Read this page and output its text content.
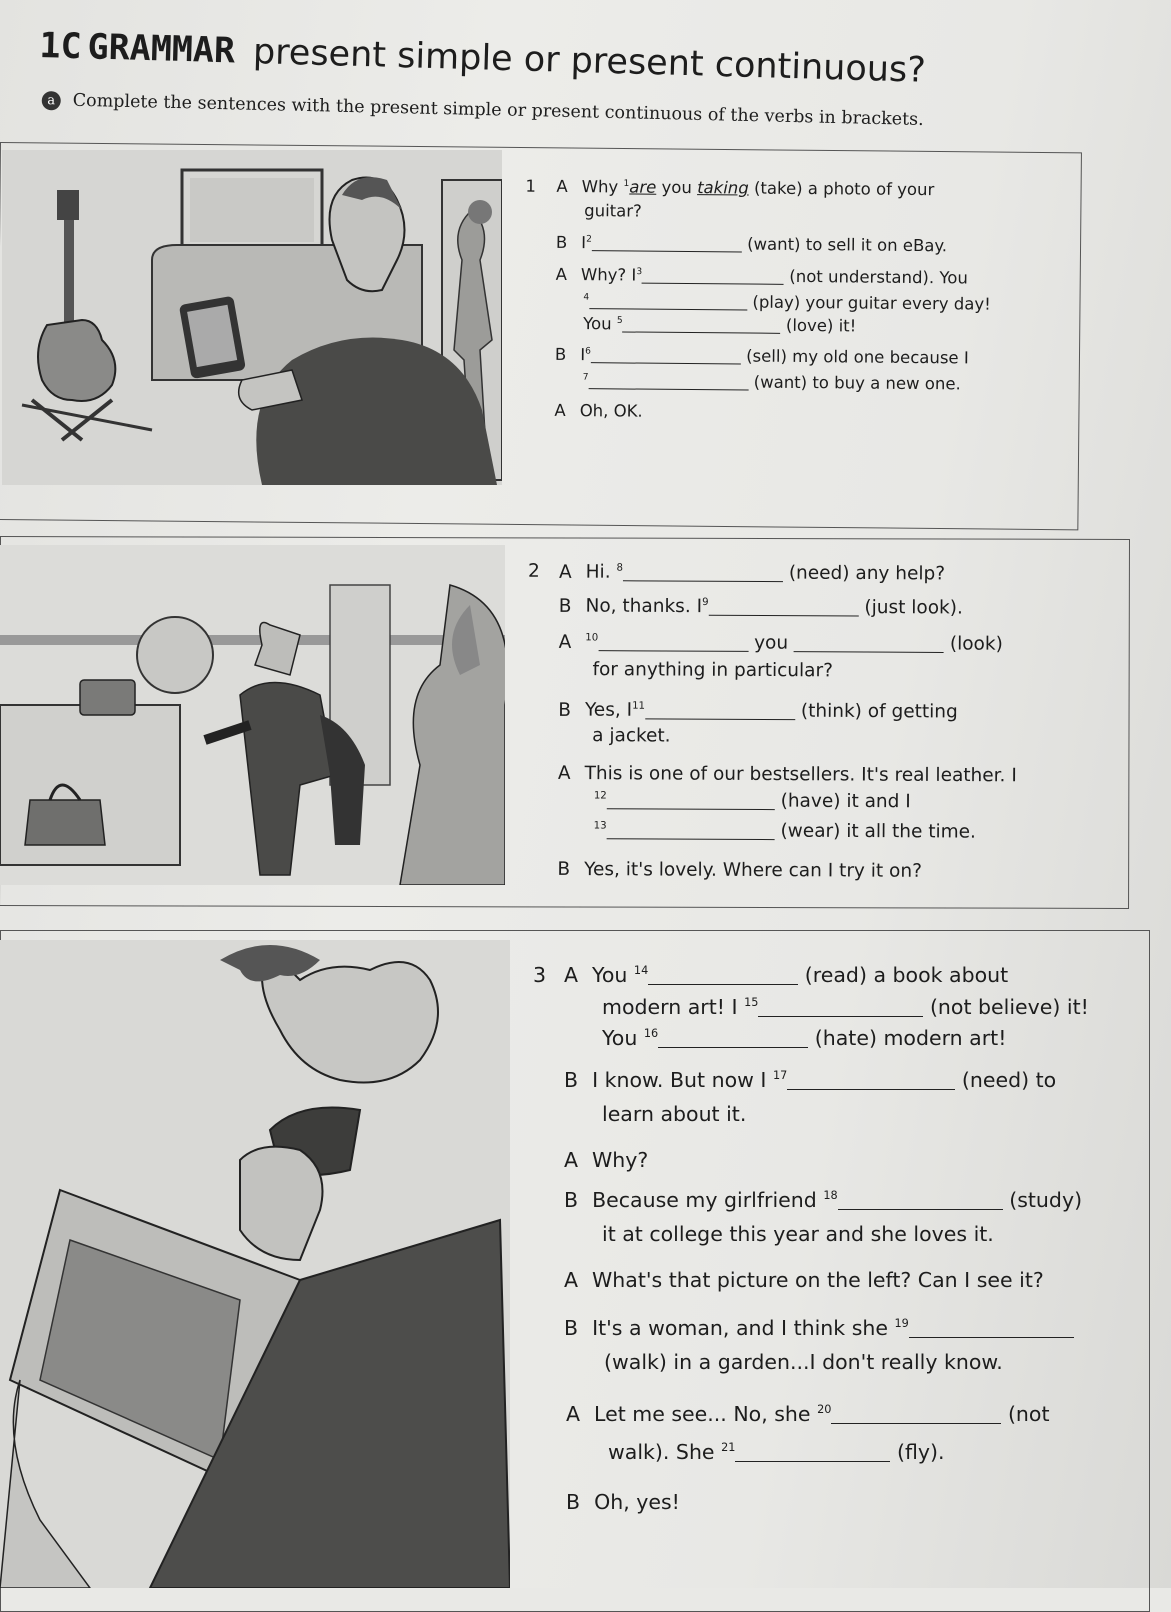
1C GRAMMAR present simple or present continuous?
a Complete the sentences with the present simple or present continuous of the verbs in brackets.
1 A Why $^1$are you taking (take) a photo of your
guitar?
B $I^2$	(want) to sell it on eBay.
A Why? $I^3$	(not understand). You
$^4$	(play) your guitar every day!
You $^5$	(love) it!
B $I^6$	(sell) my old one because I
$^7$	(want) to buy a new one.
A Oh, OK.
2 A Hi. $^8$	(need) any help?
B No, thanks. $I^9$	(just look).
A $^{10}$	you	(look)
for anything in particular?
B Yes, $I^{11}$	(think) of getting
a jacket.
A This is one of our bestsellers. It's real leather. I
$^{12}$	(have) it and I
$^{13}$	(wear) it all the time.
B Yes, it's lovely. Where can I try it on?
3 A You $^{14}$	(read) a book about
modern art! I $^{15}$	(not believe) it!
You $^{16}$	(hate) modern art!
B I know. But now I $^{17}$	(need) to
learn about it.
A Why?
B Because my girlfriend $^{18}$	(study)
it at college this year and she loves it.
A What's that picture on the left? Can I see it?
B It's a woman, and I think she $^{19}$
(walk) in a garden...I don't really know.
A Let me see... No, she $^{20}$	(not
walk). She $^{21}$	(fly).
B Oh, yes!
